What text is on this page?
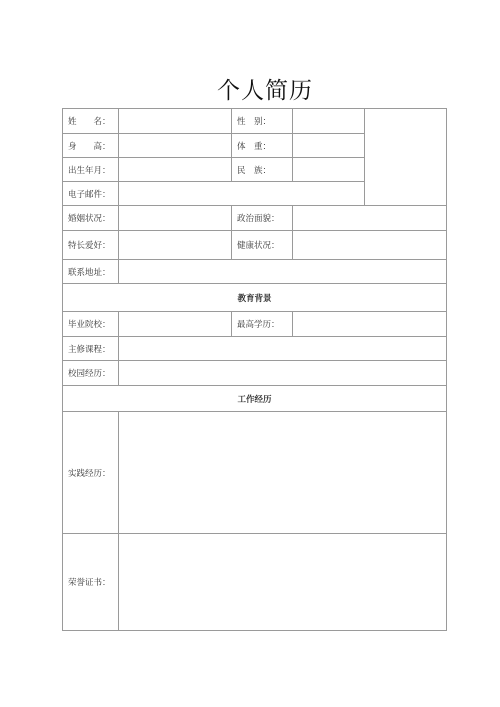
个人简历
姓　　名：		性　别：		
身　　高：		体　重：		
出生年月：		民　族：		
电子邮件：				
婚姻状况：		政治面貌：		
特长爱好：		健康状况：		
联系地址：				
教育背景				
毕业院校：		最高学历：		
主修课程：				
校园经历：				
工作经历				
实践经历：				
荣誉证书：				
